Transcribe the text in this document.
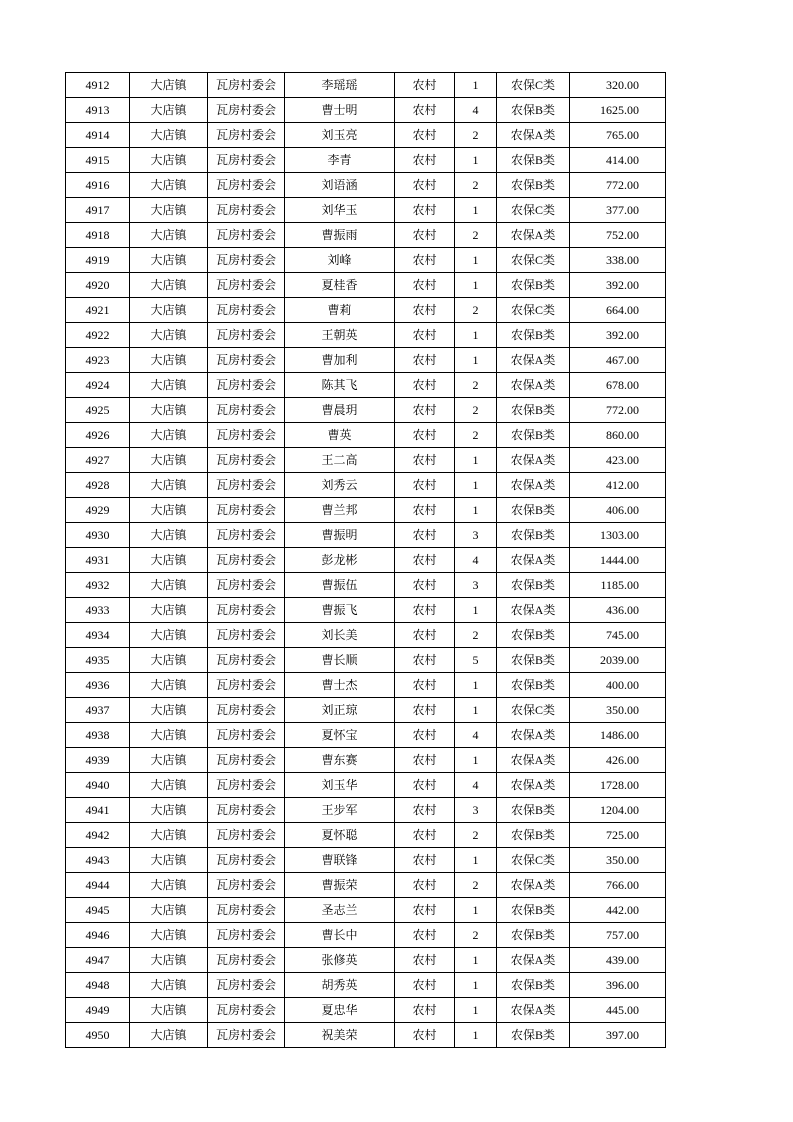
4912	大店镇	瓦房村委会	李瑶瑶	农村	1	农保C类	320.00
4913	大店镇	瓦房村委会	曹士明	农村	4	农保B类	1625.00
4914	大店镇	瓦房村委会	刘玉亮	农村	2	农保A类	765.00
4915	大店镇	瓦房村委会	李青	农村	1	农保B类	414.00
4916	大店镇	瓦房村委会	刘语涵	农村	2	农保B类	772.00
4917	大店镇	瓦房村委会	刘华玉	农村	1	农保C类	377.00
4918	大店镇	瓦房村委会	曹振雨	农村	2	农保A类	752.00
4919	大店镇	瓦房村委会	刘峰	农村	1	农保C类	338.00
4920	大店镇	瓦房村委会	夏桂香	农村	1	农保B类	392.00
4921	大店镇	瓦房村委会	曹莉	农村	2	农保C类	664.00
4922	大店镇	瓦房村委会	王朝英	农村	1	农保B类	392.00
4923	大店镇	瓦房村委会	曹加利	农村	1	农保A类	467.00
4924	大店镇	瓦房村委会	陈其飞	农村	2	农保A类	678.00
4925	大店镇	瓦房村委会	曹晨玥	农村	2	农保B类	772.00
4926	大店镇	瓦房村委会	曹英	农村	2	农保B类	860.00
4927	大店镇	瓦房村委会	王二高	农村	1	农保A类	423.00
4928	大店镇	瓦房村委会	刘秀云	农村	1	农保A类	412.00
4929	大店镇	瓦房村委会	曹兰邦	农村	1	农保B类	406.00
4930	大店镇	瓦房村委会	曹振明	农村	3	农保B类	1303.00
4931	大店镇	瓦房村委会	彭龙彬	农村	4	农保A类	1444.00
4932	大店镇	瓦房村委会	曹振伍	农村	3	农保B类	1185.00
4933	大店镇	瓦房村委会	曹振飞	农村	1	农保A类	436.00
4934	大店镇	瓦房村委会	刘长美	农村	2	农保B类	745.00
4935	大店镇	瓦房村委会	曹长顺	农村	5	农保B类	2039.00
4936	大店镇	瓦房村委会	曹士杰	农村	1	农保B类	400.00
4937	大店镇	瓦房村委会	刘正琼	农村	1	农保C类	350.00
4938	大店镇	瓦房村委会	夏怀宝	农村	4	农保A类	1486.00
4939	大店镇	瓦房村委会	曹东赛	农村	1	农保A类	426.00
4940	大店镇	瓦房村委会	刘玉华	农村	4	农保A类	1728.00
4941	大店镇	瓦房村委会	王步军	农村	3	农保B类	1204.00
4942	大店镇	瓦房村委会	夏怀聪	农村	2	农保B类	725.00
4943	大店镇	瓦房村委会	曹联锋	农村	1	农保C类	350.00
4944	大店镇	瓦房村委会	曹振荣	农村	2	农保A类	766.00
4945	大店镇	瓦房村委会	圣志兰	农村	1	农保B类	442.00
4946	大店镇	瓦房村委会	曹长中	农村	2	农保B类	757.00
4947	大店镇	瓦房村委会	张修英	农村	1	农保A类	439.00
4948	大店镇	瓦房村委会	胡秀英	农村	1	农保B类	396.00
4949	大店镇	瓦房村委会	夏忠华	农村	1	农保A类	445.00
4950	大店镇	瓦房村委会	祝美荣	农村	1	农保B类	397.00
